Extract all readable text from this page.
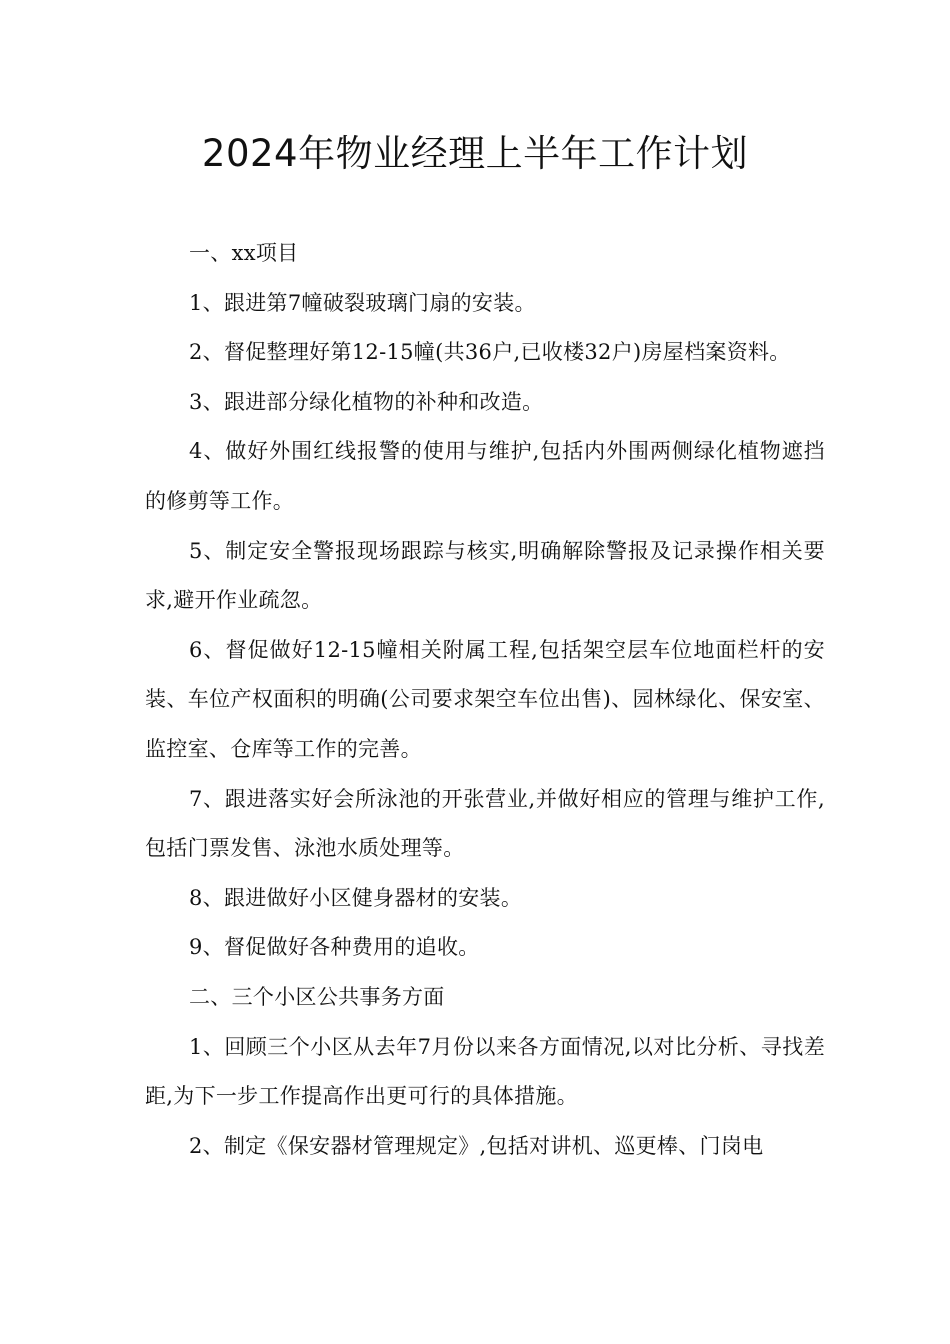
2024年物业经理上半年工作计划

一、xx项目

1、跟进第7幢破裂玻璃门扇的安装。

2、督促整理好第12-15幢(共36户,已收楼32户)房屋档案资料。

3、跟进部分绿化植物的补种和改造。

4、做好外围红线报警的使用与维护,包括内外围两侧绿化植物遮挡的修剪等工作。

5、制定安全警报现场跟踪与核实,明确解除警报及记录操作相关要求,避开作业疏忽。

6、督促做好12-15幢相关附属工程,包括架空层车位地面栏杆的安装、车位产权面积的明确(公司要求架空车位出售)、园林绿化、保安室、监控室、仓库等工作的完善。

7、跟进落实好会所泳池的开张营业,并做好相应的管理与维护工作,包括门票发售、泳池水质处理等。

8、跟进做好小区健身器材的安装。

9、督促做好各种费用的追收。

二、三个小区公共事务方面

1、回顾三个小区从去年7月份以来各方面情况,以对比分析、寻找差距,为下一步工作提高作出更可行的具体措施。

2、制定《保安器材管理规定》,包括对讲机、巡更棒、门岗电
